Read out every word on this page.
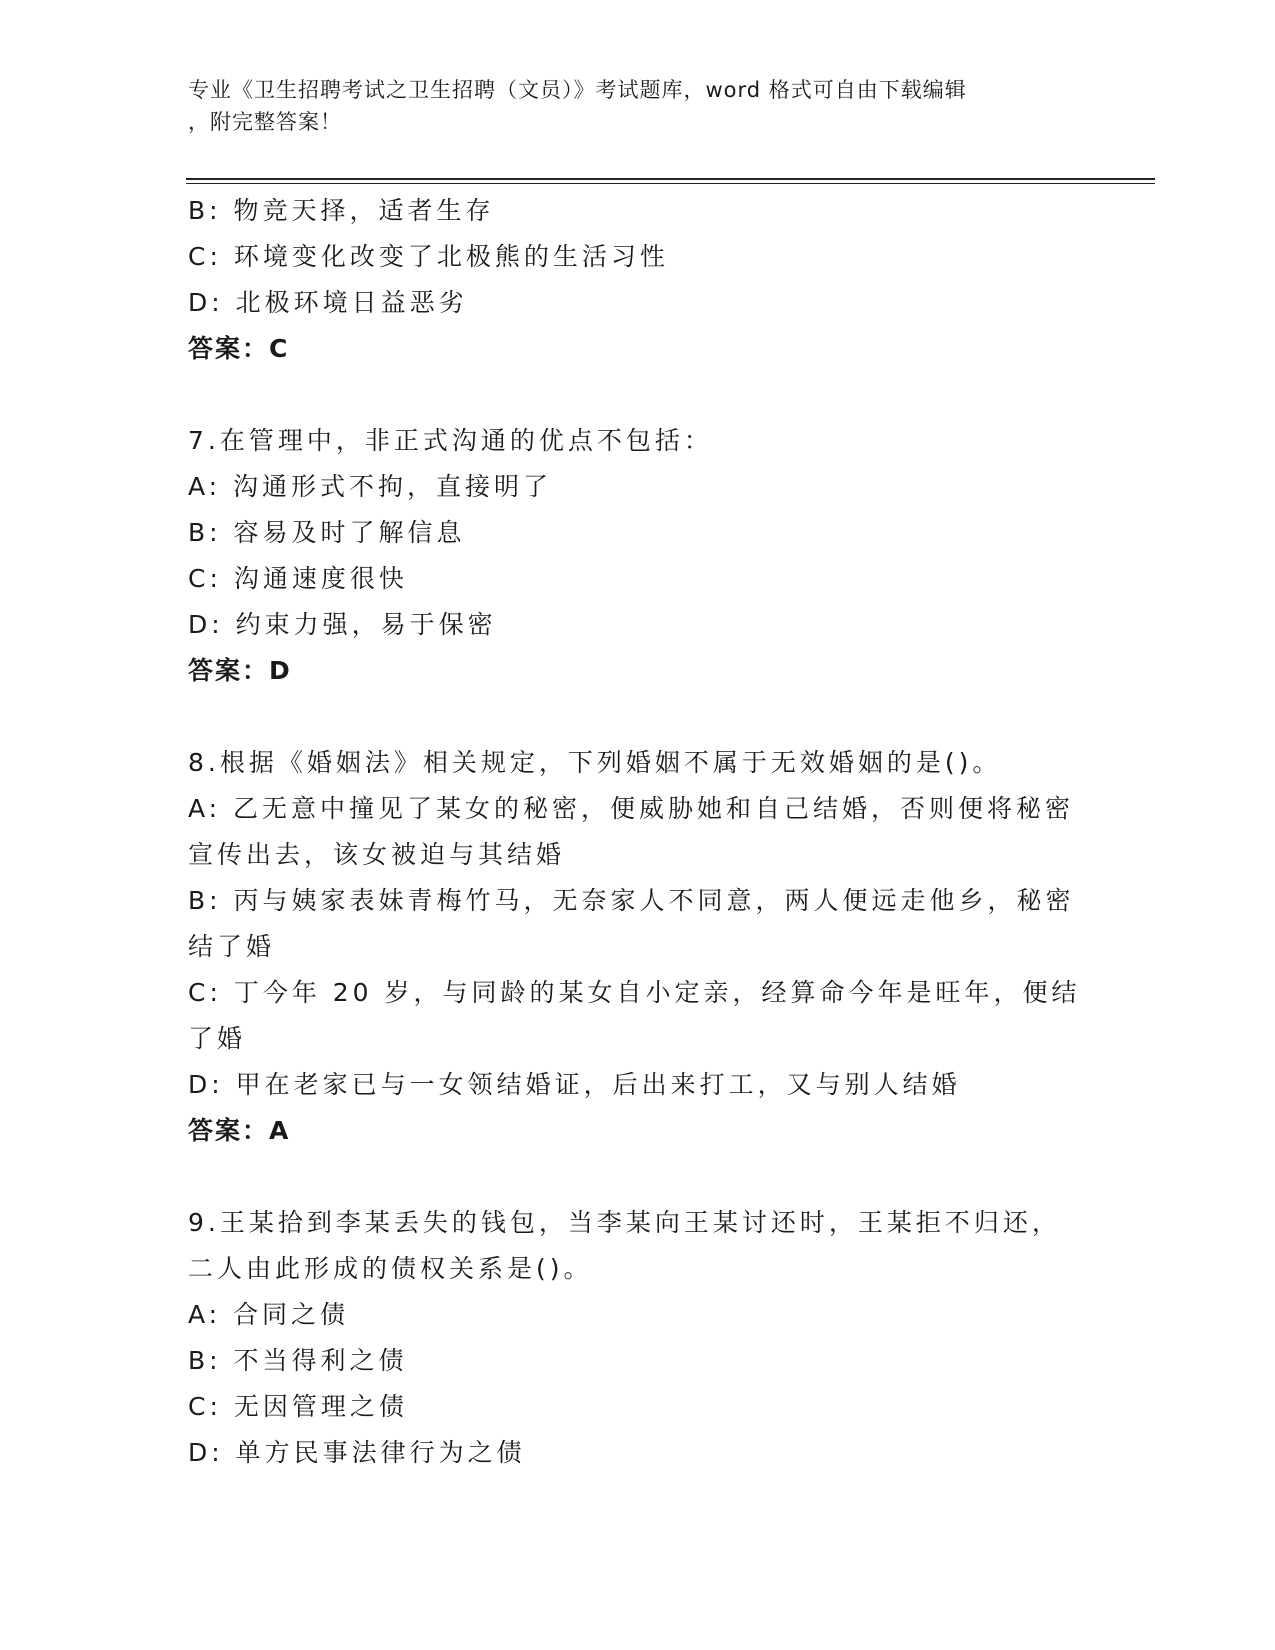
专业《卫生招聘考试之卫生招聘（文员）》考试题库，word 格式可自由下载编辑
，附完整答案！
B: 物竞天择，适者生存
C: 环境变化改变了北极熊的生活习性
D: 北极环境日益恶劣
答案：C
7.在管理中，非正式沟通的优点不包括：
A: 沟通形式不拘，直接明了
B: 容易及时了解信息
C: 沟通速度很快
D: 约束力强，易于保密
答案：D
8.根据《婚姻法》相关规定，下列婚姻不属于无效婚姻的是()。
A: 乙无意中撞见了某女的秘密，便威胁她和自己结婚，否则便将秘密
宣传出去，该女被迫与其结婚
B: 丙与姨家表妹青梅竹马，无奈家人不同意，两人便远走他乡，秘密
结了婚
C: 丁今年 20 岁，与同龄的某女自小定亲，经算命今年是旺年，便结
了婚
D: 甲在老家已与一女领结婚证，后出来打工，又与别人结婚
答案：A
9.王某拾到李某丢失的钱包，当李某向王某讨还时，王某拒不归还，
二人由此形成的债权关系是()。
A: 合同之债
B: 不当得利之债
C: 无因管理之债
D: 单方民事法律行为之债
